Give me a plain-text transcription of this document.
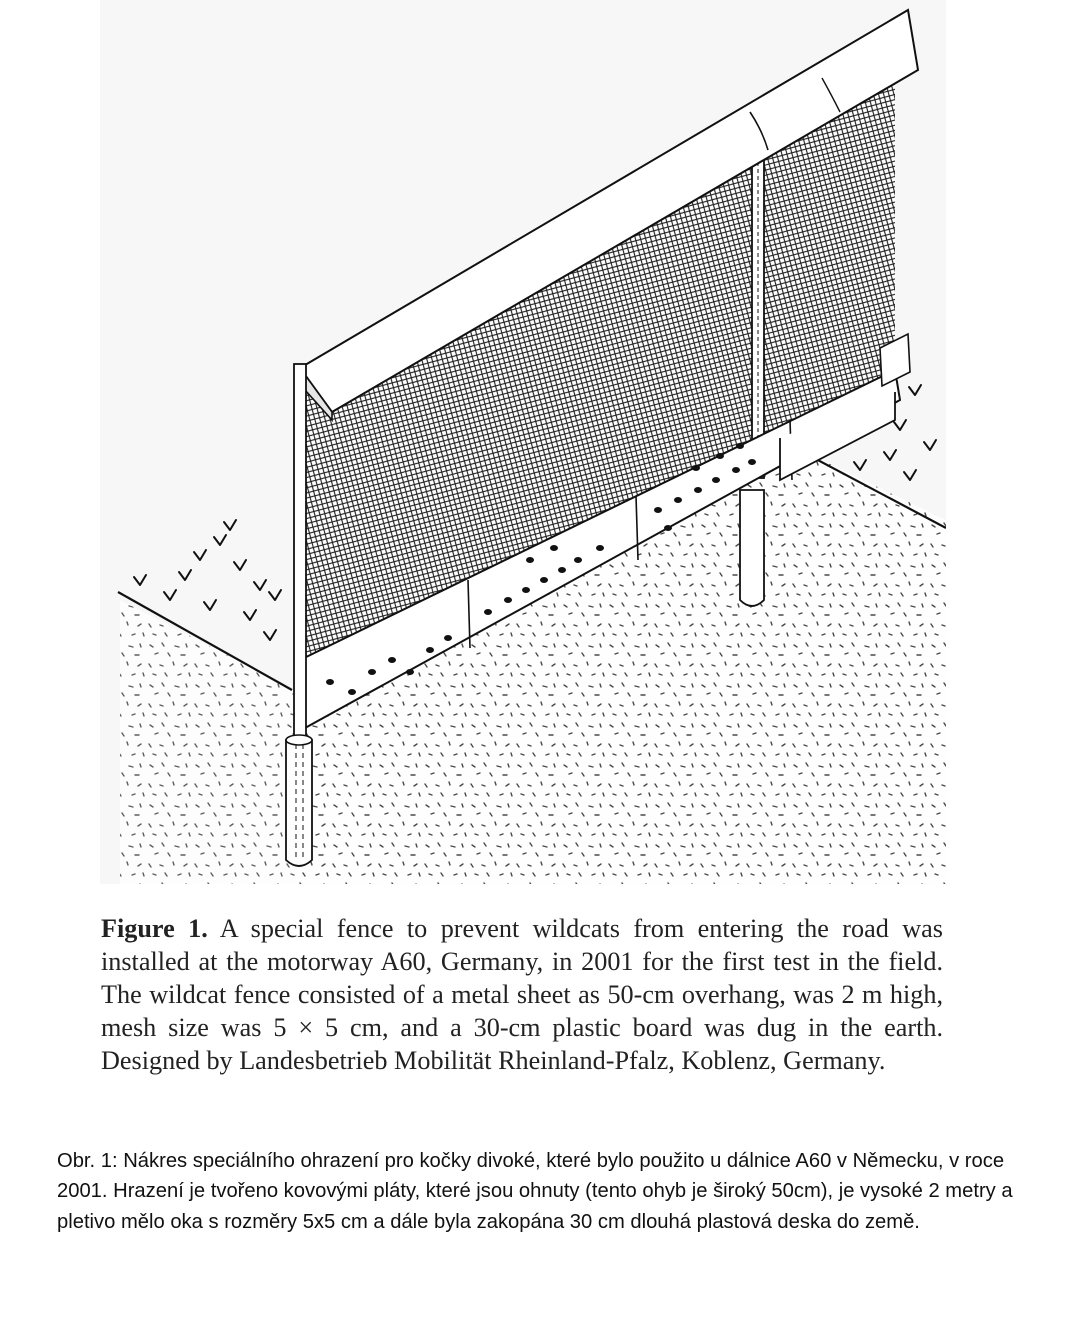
Figure 1. A special fence to prevent wildcats from entering the road was installed at the motorway A60, Germany, in 2001 for the first test in the field. The wildcat fence consisted of a metal sheet as 50-cm overhang, was 2 m high, mesh size was 5 × 5 cm, and a 30-cm plastic board was dug in the earth. Designed by Landesbetrieb Mobilität Rheinland-Pfalz, Koblenz, Germany.

Obr. 1: Nákres speciálního ohrazení pro kočky divoké, které bylo použito u dálnice A60 v Německu, v roce 2001. Hrazení je tvořeno kovovými pláty, které jsou ohnuty (tento ohyb je široký 50cm), je vysoké 2 metry a pletivo mělo oka s rozměry 5x5 cm a dále byla zakopána 30 cm dlouhá plastová deska do země.
